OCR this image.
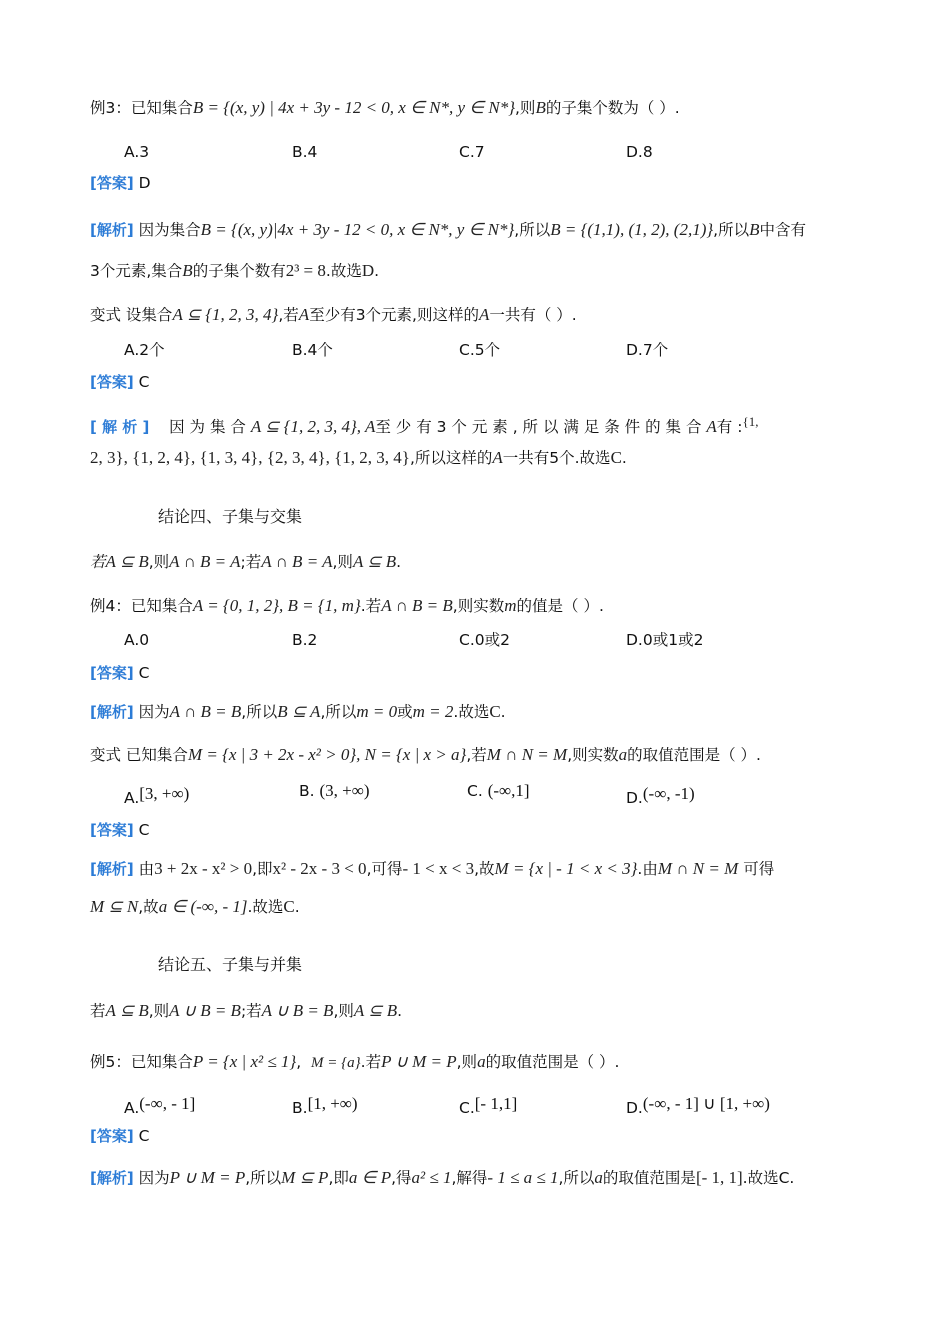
例3：已知集合B = {(x, y) | 4x + 3y - 12 < 0, x ∈ N*, y ∈ N*},则B的子集个数为（ ）.
A.3	B.4	C.7	D.8
[答案] D
[解析] 因为集合B = {(x, y)|4x + 3y - 12 < 0, x ∈ N*, y ∈ N*},所以B = {(1,1), (1, 2), (2,1)},所以B中含有
3个元素,集合B的子集个数有2³ = 8.故选D.
变式 设集合A ⊆ {1, 2, 3, 4},若A至少有3个元素,则这样的A一共有（ ）.
A.2个	B.4个	C.5个	D.7个
[答案] C
[ 解 析 ] 因 为 集 合 A ⊆ {1, 2, 3, 4}, A至 少 有 3 个 元 素 , 所 以 满 足 条 件 的 集 合 A有 :$^{\{1,}$
2, 3}, {1, 2, 4}, {1, 3, 4}, {2, 3, 4}, {1, 2, 3, 4},所以这样的A一共有5个.故选C.
结论四、子集与交集
若A ⊆ B,则A ∩ B = A;若A ∩ B = A,则A ⊆ B.
例4：已知集合A = {0, 1, 2}, B = {1, m}.若A ∩ B = B,则实数m的值是（ ）.
A.0	B.2	C.0或2	D.0或1或2
[答案] C
[解析] 因为A ∩ B = B,所以B ⊆ A,所以m = 0或m = 2.故选C.
变式 已知集合M = {x | 3 + 2x - x² > 0}, N = {x | x > a},若M ∩ N = M,则实数a的取值范围是（ ）.
A.[3, +∞)	B. (3, +∞)	C. (-∞,1]	D.(-∞, -1)
[答案] C
[解析] 由3 + 2x - x² > 0,即x² - 2x - 3 < 0,可得- 1 < x < 3,故M = {x | - 1 < x < 3}.由M ∩ N = M 可得
M ⊆ N,故a ∈ (-∞, - 1].故选C.
结论五、子集与并集
若A ⊆ B,则A ∪ B = B;若A ∪ B = B,则A ⊆ B.
例5：已知集合P = {x | x² ≤ 1}, M = {a}.若P ∪ M = P,则a的取值范围是（ ）.
A.(-∞, - 1]	B.[1, +∞)	C.[- 1,1]	D.(-∞, - 1] ∪ [1, +∞)
[答案] C
[解析] 因为P ∪ M = P,所以M ⊆ P,即a ∈ P,得a² ≤ 1,解得- 1 ≤ a ≤ 1,所以a的取值范围是[- 1, 1].故选C.
